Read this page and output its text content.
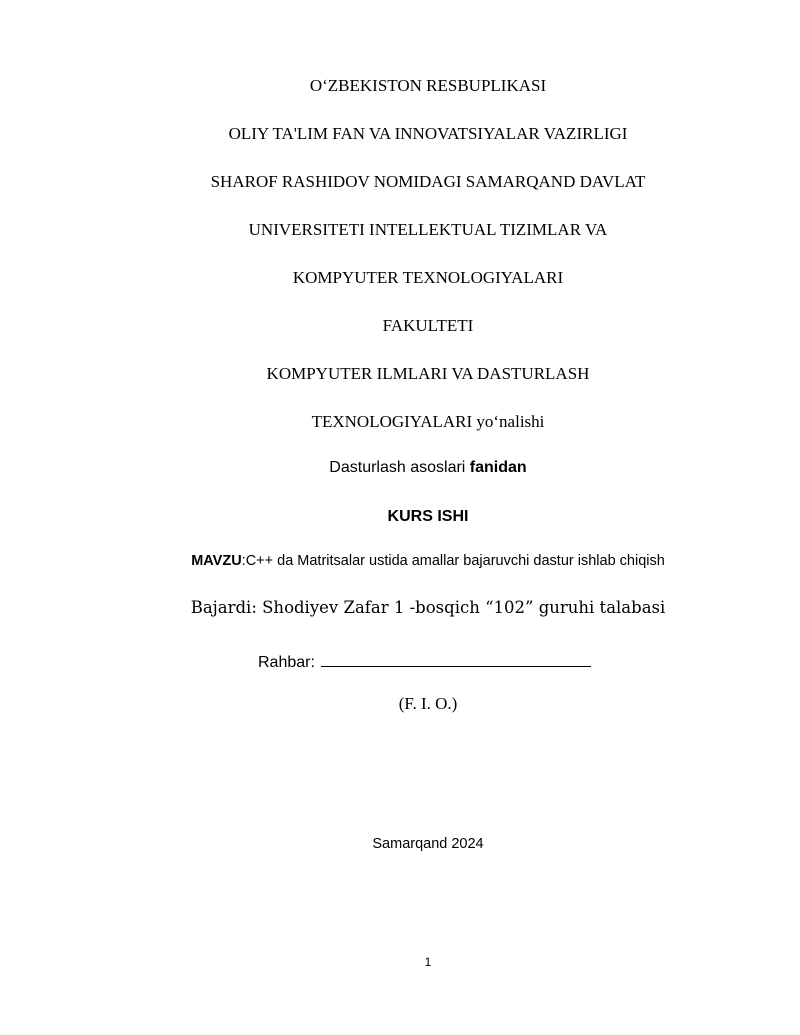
O‘ZBEKISTON RESBUPLIKASI
OLIY TA'LIM FAN VA INNOVATSIYALAR VAZIRLIGI
SHAROF RASHIDOV NOMIDAGI SAMARQAND DAVLAT
UNIVERSITETI INTELLEKTUAL TIZIMLAR VA
KOMPYUTER TEXNOLOGIYALARI
FAKULTETI
KOMPYUTER ILMLARI VA DASTURLASH
TEXNOLOGIYALARI yo‘nalishi
Dasturlash asoslari fanidan
KURS ISHI
MAVZU:C++ da Matritsalar ustida amallar bajaruvchi dastur ishlab chiqish
Bajardi: Shodiyev Zafar 1 -bosqich “102” guruhi talabasi
Rahbar:
(F. I. O.)
Samarqand 2024
1
